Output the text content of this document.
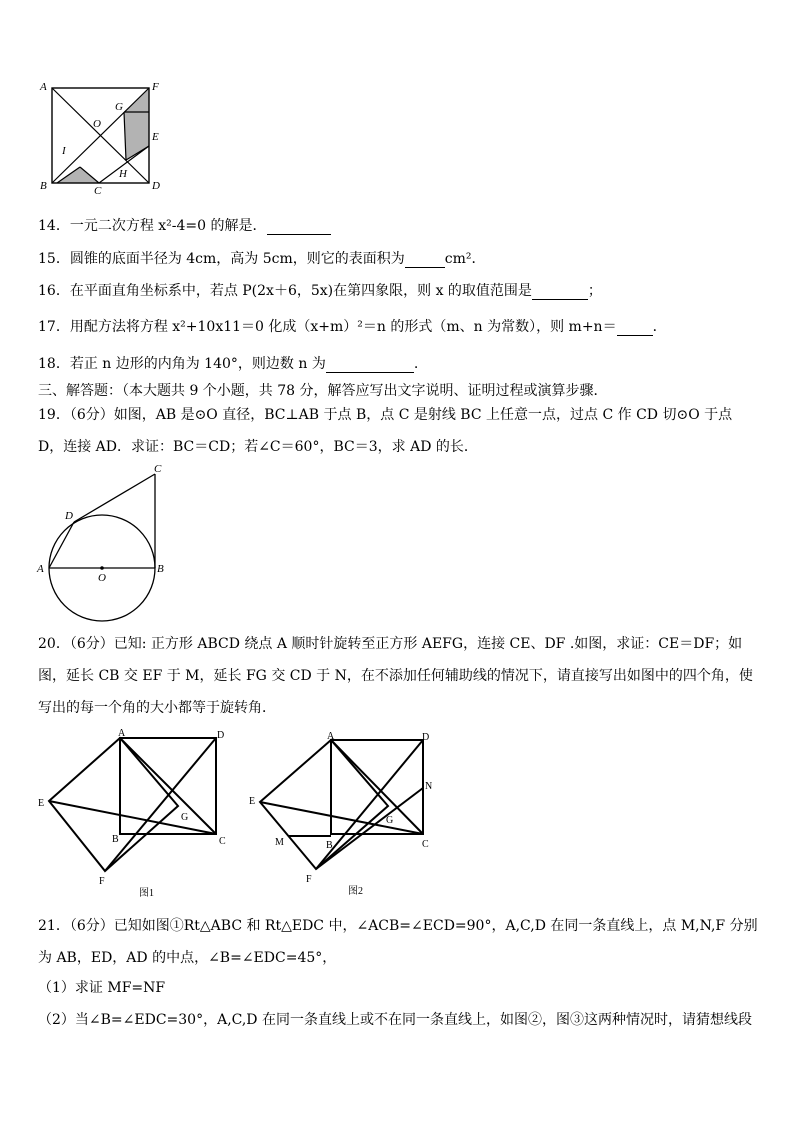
A	F
G
O
E
I
H
B	C	D
14．一元二次方程 x²-4=0 的解是．
15．圆锥的底面半径为 4cm，高为 5cm，则它的表面积为	cm²．
16．在平面直角坐标系中，若点 P(2x＋6，5x)在第四象限，则 x 的取值范围是	；
17．用配方法将方程 x²+10x11＝0 化成（x+m）²＝n 的形式（m、n 为常数），则 m+n＝	．
18．若正 n 边形的内角为 140°，则边数 n 为	.
三、解答题：（本大题共 9 个小题，共 78 分，解答应写出文字说明、证明过程或演算步骤．
19．（6分）如图，AB 是⊙O 直径，BC⊥AB 于点 B，点 C 是射线 BC 上任意一点，过点 C 作 CD 切⊙O 于点 D，连接 AD．求证：BC＝CD；若∠C＝60°，BC＝3，求 AD 的长．
C
D
A
O
B
20．（6分）已知: 正方形 ABCD 绕点 A 顺时针旋转至正方形 AEFG，连接 CE、DF .如图，求证：CE＝DF；如图，延长 CB 交 EF 于 M，延长 FG 交 CD 于 N，在不添加任何辅助线的情况下，请直接写出如图中的四个角，使写出的每一个角的大小都等于旋转角．
A	D
E
G
B	C
F
图1
A	D
N
E
G
M	B	C
F
图2
21．（6分）已知如图①Rt△ABC 和 Rt△EDC 中，∠ACB=∠ECD=90°，A,C,D 在同一条直线上，点 M,N,F 分别为 AB，ED，AD 的中点，∠B=∠EDC=45°，
（1）求证 MF=NF
（2）当∠B=∠EDC=30°，A,C,D 在同一条直线上或不在同一条直线上，如图②，图③这两种情况时，请猜想线段
